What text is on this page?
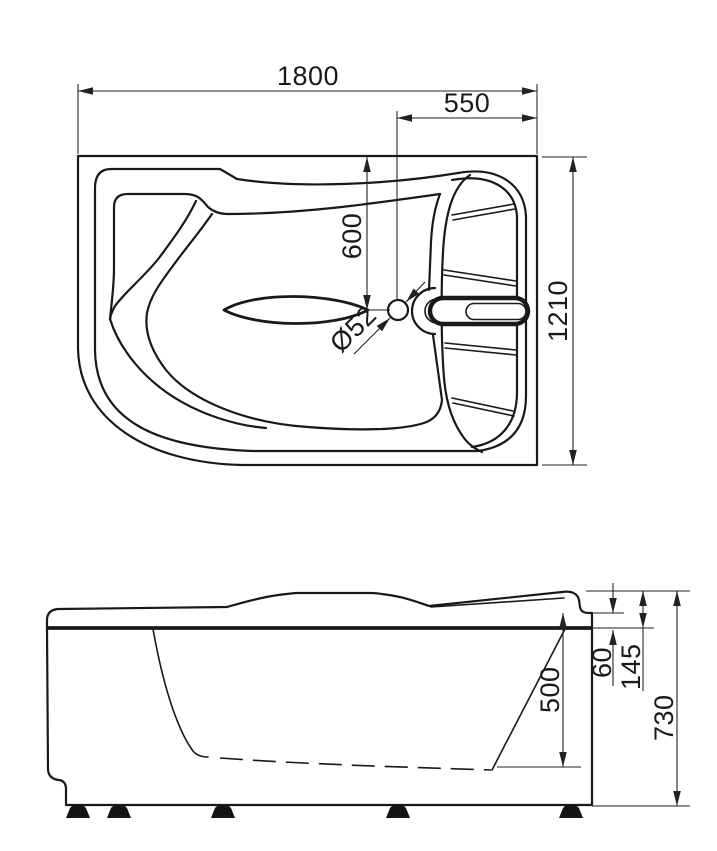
1800
550
600
1210
Ø52
60 145
500
730
